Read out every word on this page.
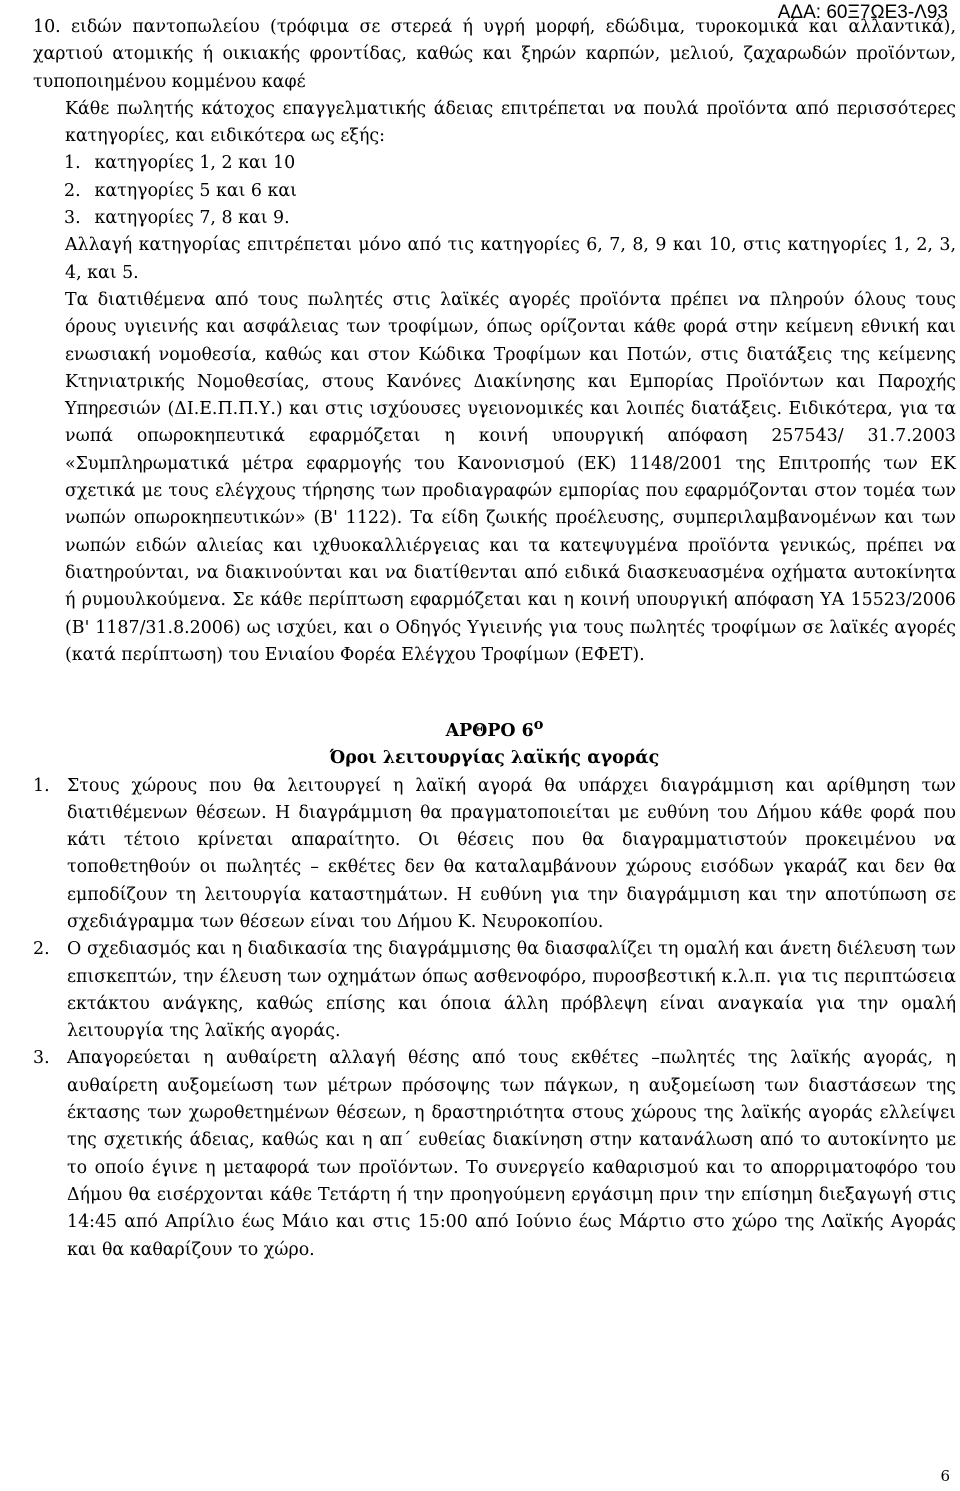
ΑΔΑ: 60Ξ7ΩΕ3-Λ93

10. ειδών παντοπωλείου (τρόφιμα σε στερεά ή υγρή μορφή, εδώδιμα, τυροκομικά και αλλαντικά), χαρτιού ατομικής ή οικιακής φροντίδας, καθώς και ξηρών καρπών, μελιού, ζαχαρωδών προϊόντων, τυποποιημένου κομμένου καφέ

Κάθε πωλητής κάτοχος επαγγελματικής άδειας επιτρέπεται να πουλά προϊόντα από περισσότερες κατηγορίες, και ειδικότερα ως εξής:

1. κατηγορίες 1, 2 και 10
2. κατηγορίες 5 και 6 και
3. κατηγορίες 7, 8 και 9.

Αλλαγή κατηγορίας επιτρέπεται μόνο από τις κατηγορίες 6, 7, 8, 9 και 10, στις κατηγορίες 1, 2, 3, 4, και 5.

Τα διατιθέμενα από τους πωλητές στις λαϊκές αγορές προϊόντα πρέπει να πληρούν όλους τους όρους υγιεινής και ασφάλειας των τροφίμων, όπως ορίζονται κάθε φορά στην κείμενη εθνική και ενωσιακή νομοθεσία, καθώς και στον Κώδικα Τροφίμων και Ποτών, στις διατάξεις της κείμενης Κτηνιατρικής Νομοθεσίας, στους Κανόνες Διακίνησης και Εμπορίας Προϊόντων και Παροχής Υπηρεσιών (ΔΙ.Ε.Π.Π.Υ.) και στις ισχύουσες υγειονομικές και λοιπές διατάξεις. Ειδικότερα, για τα νωπά οπωροκηπευτικά εφαρμόζεται η κοινή υπουργική απόφαση 257543/ 31.7.2003 «Συμπληρωματικά μέτρα εφαρμογής του Κανονισμού (ΕΚ) 1148/2001 της Επιτροπής των ΕΚ σχετικά με τους ελέγχους τήρησης των προδιαγραφών εμπορίας που εφαρμόζονται στον τομέα των νωπών οπωροκηπευτικών» (Β' 1122). Τα είδη ζωικής προέλευσης, συμπεριλαμβανομένων και των νωπών ειδών αλιείας και ιχθυοκαλλιέργειας και τα κατεψυγμένα προϊόντα γενικώς, πρέπει να διατηρούνται, να διακινούνται και να διατίθενται από ειδικά διασκευασμένα οχήματα αυτοκίνητα ή ρυμουλκούμενα. Σε κάθε περίπτωση εφαρμόζεται και η κοινή υπουργική απόφαση ΥΑ 15523/2006 (Β' 1187/31.8.2006) ως ισχύει, και ο Οδηγός Υγιεινής για τους πωλητές τροφίμων σε λαϊκές αγορές (κατά περίπτωση) του Ενιαίου Φορέα Ελέγχου Τροφίμων (ΕΦΕΤ).

ΑΡΘΡΟ $6^o$

Όροι λειτουργίας λαϊκής αγοράς

1. Στους χώρους που θα λειτουργεί η λαϊκή αγορά θα υπάρχει διαγράμμιση και αρίθμηση των διατιθέμενων θέσεων. Η διαγράμμιση θα πραγματοποιείται με ευθύνη του Δήμου κάθε φορά που κάτι τέτοιο κρίνεται απαραίτητο. Οι θέσεις που θα διαγραμματιστούν προκειμένου να τοποθετηθούν οι πωλητές – εκθέτες δεν θα καταλαμβάνουν χώρους εισόδων γκαράζ και δεν θα εμποδίζουν τη λειτουργία καταστημάτων. Η ευθύνη για την διαγράμμιση και την αποτύπωση σε σχεδιάγραμμα των θέσεων είναι του Δήμου Κ. Νευροκοπίου.
2. Ο σχεδιασμός και η διαδικασία της διαγράμμισης θα διασφαλίζει τη ομαλή και άνετη διέλευση των επισκεπτών, την έλευση των οχημάτων όπως ασθενοφόρο, πυροσβεστική κ.λ.π. για τις περιπτώσεια εκτάκτου ανάγκης, καθώς επίσης και όποια άλλη πρόβλεψη είναι αναγκαία για την ομαλή λειτουργία της λαϊκής αγοράς.
3. Απαγορεύεται η αυθαίρετη αλλαγή θέσης από τους εκθέτες –πωλητές της λαϊκής αγοράς, η αυθαίρετη αυξομείωση των μέτρων πρόσοψης των πάγκων, η αυξομείωση των διαστάσεων της έκτασης των χωροθετημένων θέσεων, η δραστηριότητα στους χώρους της λαϊκής αγοράς ελλείψει της σχετικής άδειας, καθώς και η απ΄ ευθείας διακίνηση στην κατανάλωση από το αυτοκίνητο με το οποίο έγινε η μεταφορά των προϊόντων. Το συνεργείο καθαρισμού και το απορριματοφόρο του Δήμου θα εισέρχονται κάθε Τετάρτη ή την προηγούμενη εργάσιμη πριν την επίσημη διεξαγωγή στις 14:45 από Απρίλιο έως Μάιο και στις 15:00 από Ιούνιο έως Μάρτιο στο χώρο της Λαϊκής Αγοράς και θα καθαρίζουν το χώρο.
6
